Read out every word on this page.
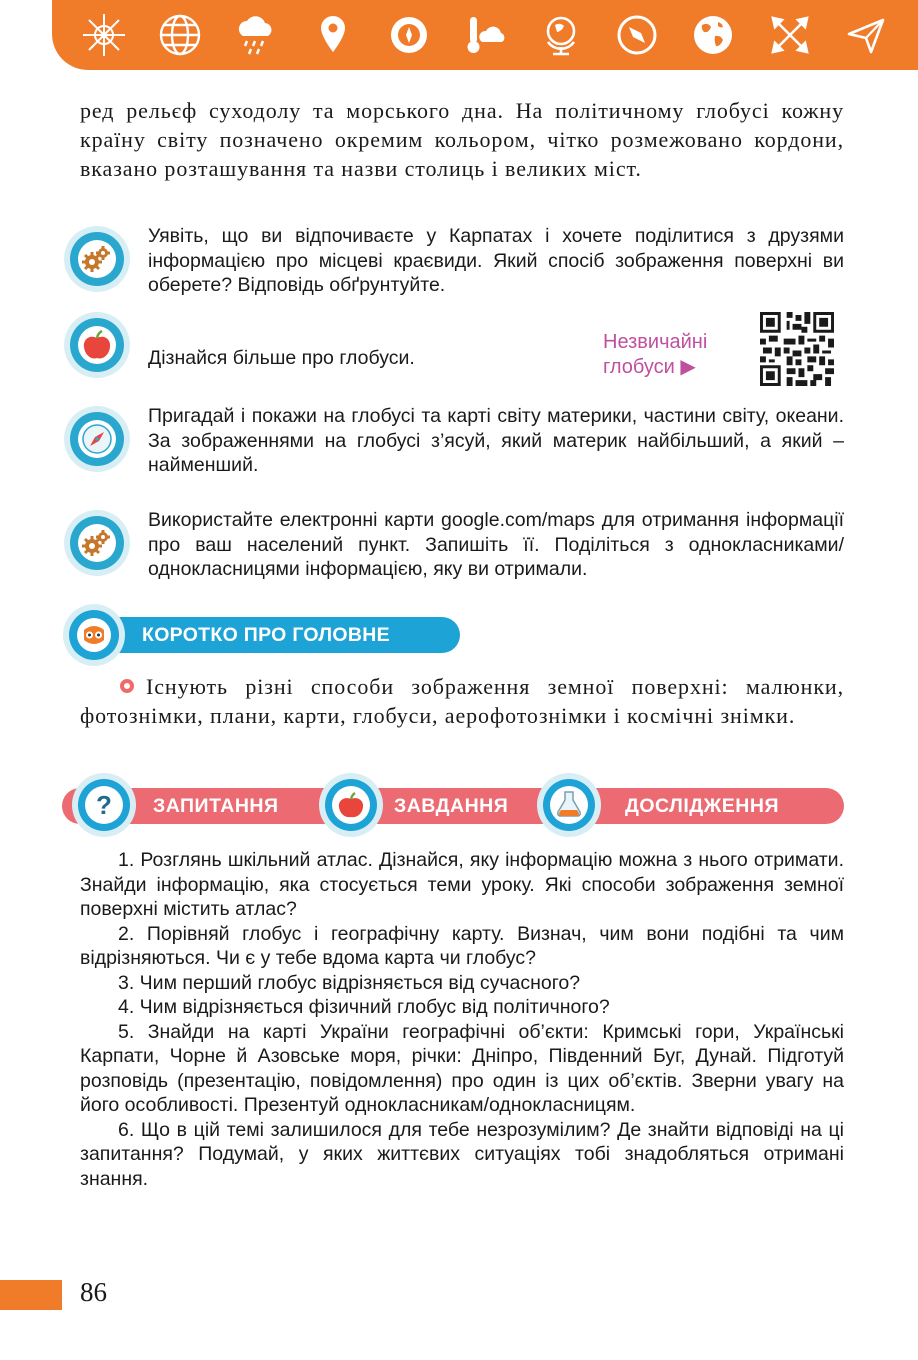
ред рельєф суходолу та морського дна. На політичному глобусі кожну країну світу позначено окремим кольором, чітко розмежовано кордони, вказано розташування та назви столиць і великих міст.

Уявіть, що ви відпочиваєте у Карпатах і хочете поділитися з друзями інформацією про місцеві краєвиди. Який спосіб зображення поверхні ви оберете? Відповідь обґрунтуйте.

Дізнайся більше про глобуси.

Незвичайні
глобуси ▶

Пригадай і покажи на глобусі та карті світу материки, частини світу, океани. За зображеннями на глобусі з’ясуй, який материк найбільший, а який – найменший.

Використайте електронні карти google.com/maps для отримання інформації про ваш населений пункт. Запишіть її. Поділіться з однокласниками/однокласницями інформацією, яку ви отримали.

КОРОТКО ПРО ГОЛОВНЕ

Існують різні способи зображення земної поверхні: малюнки, фотознімки, плани, карти, глобуси, аерофотознімки і космічні знімки.

? ЗАПИТАННЯ	ЗАВДАННЯ	ДОСЛІДЖЕННЯ

1. Розглянь шкільний атлас. Дізнайся, яку інформацію можна з нього отримати. Знайди інформацію, яка стосується теми уроку. Які способи зображення земної поверхні містить атлас?

2. Порівняй глобус і географічну карту. Визнач, чим вони подібні та чим відрізняються. Чи є у тебе вдома карта чи глобус?

3. Чим перший глобус відрізняється від сучасного?

4. Чим відрізняється фізичний глобус від політичного?

5. Знайди на карті України географічні об’єкти: Кримські гори, Українські Карпати, Чорне й Азовське моря, річки: Дніпро, Південний Буг, Дунай. Підготуй розповідь (презентацію, повідомлення) про один із цих об’єктів. Зверни увагу на його особливості. Презентуй однокласникам/однокласницям.

6. Що в цій темі залишилося для тебе незрозумілим? Де знайти відповіді на ці запитання? Подумай, у яких життєвих ситуаціях тобі знадобляться отримані знання.

86
